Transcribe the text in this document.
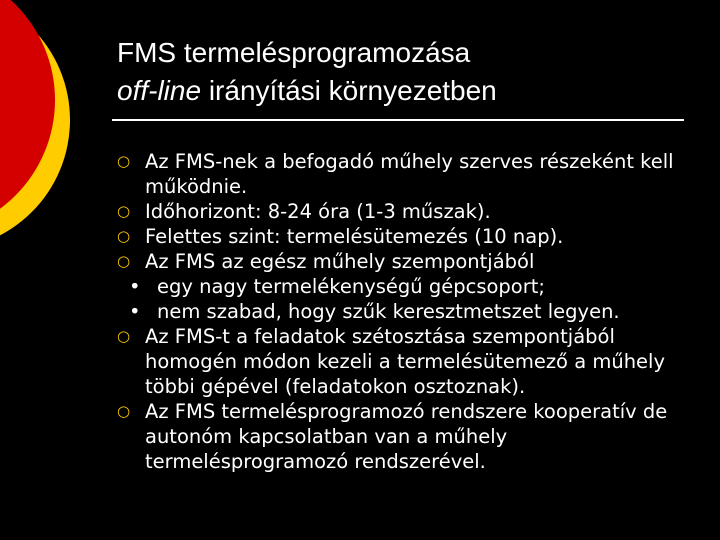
FMS termelésprogramozása
off-line irányítási környezetben
○ Az FMS-nek a befogadó műhely szerves részeként kell működnie.
○ Időhorizont: 8-24 óra (1-3 műszak).
○ Felettes szint: termelésütemezés (10 nap).
○ Az FMS az egész műhely szempontjából
• egy nagy termelékenységű gépcsoport;
• nem szabad, hogy szűk keresztmetszet legyen.
○ Az FMS-t a feladatok szétosztása szempontjából homogén módon kezeli a termelésütemező a műhely többi gépével (feladatokon osztoznak).
○ Az FMS termelésprogramozó rendszere kooperatív de autonóm kapcsolatban van a műhely termelésprogramozó rendszerével.
